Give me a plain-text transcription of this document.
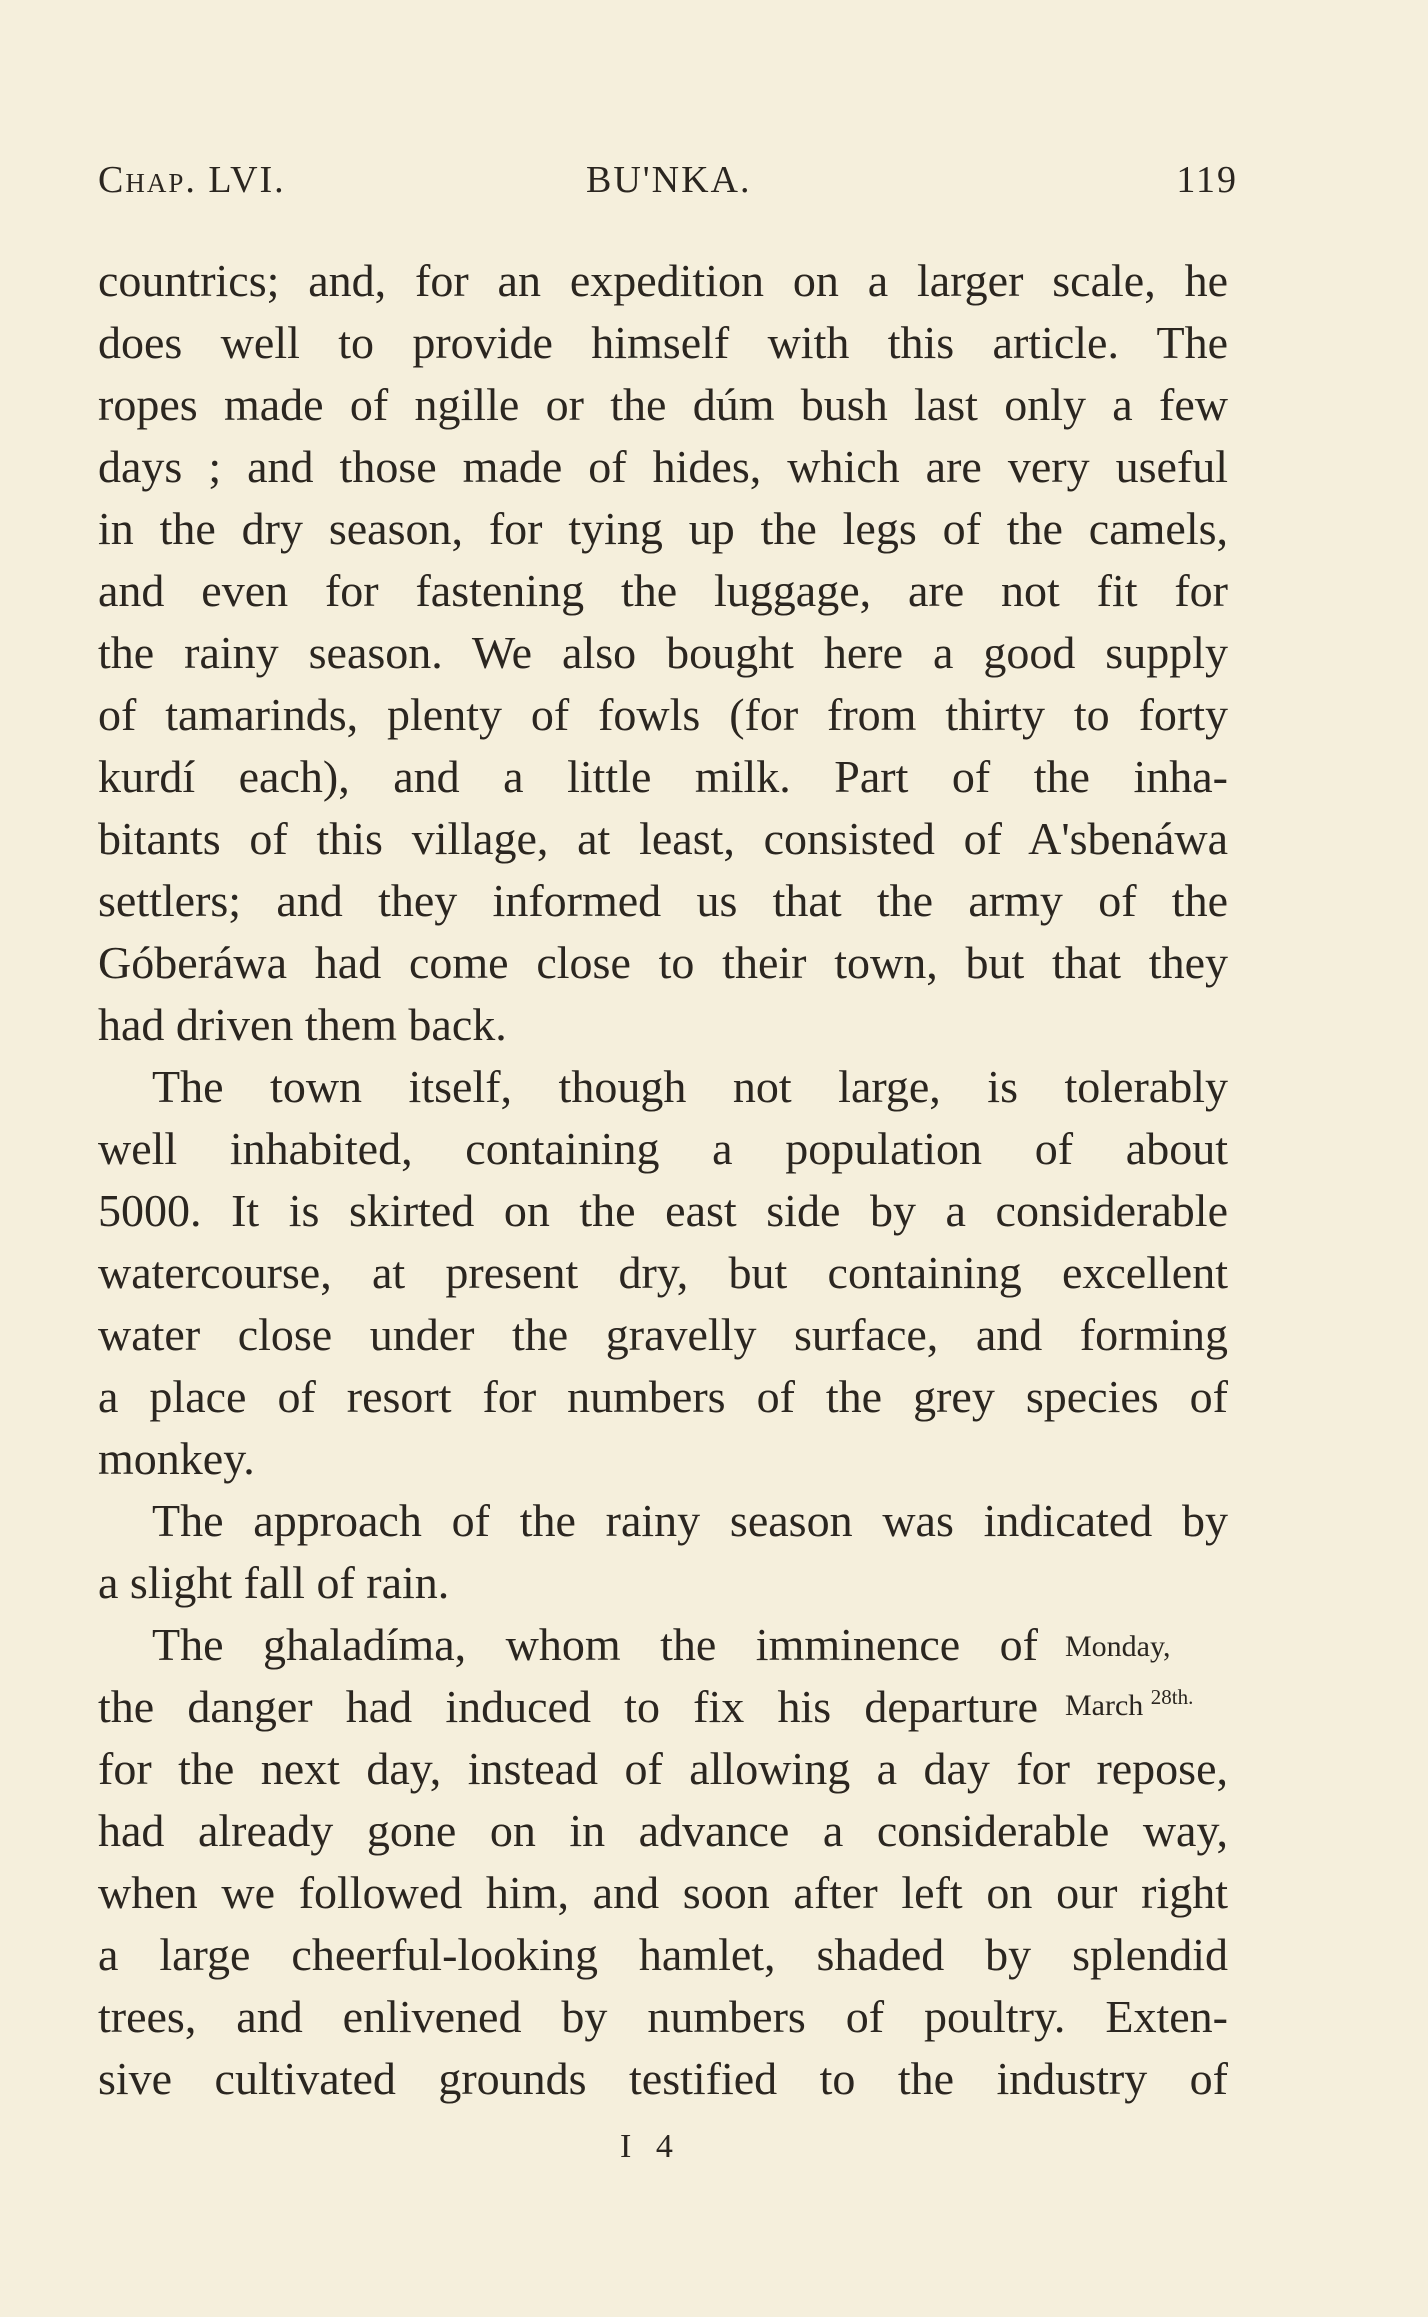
Chap. LVI.	BU'NKA.	119
countrics; and, for an expedition on a larger scale, he
does well to provide himself with this article. The
ropes made of ngille or the dúm bush last only a few
days ; and those made of hides, which are very useful
in the dry season, for tying up the legs of the camels,
and even for fastening the luggage, are not fit for
the rainy season. We also bought here a good supply
of tamarinds, plenty of fowls (for from thirty to forty
kurdí each), and a little milk. Part of the inha-
bitants of this village, at least, consisted of A'sbenáwa
settlers; and they informed us that the army of the
Góberáwa had come close to their town, but that they
had driven them back.
The town itself, though not large, is tolerably
well inhabited, containing a population of about
5000. It is skirted on the east side by a considerable
watercourse, at present dry, but containing excellent
water close under the gravelly surface, and forming
a place of resort for numbers of the grey species of
monkey.
The approach of the rainy season was indicated by
a slight fall of rain.
The ghaladíma, whom the imminence of
the danger had induced to fix his departure
for the next day, instead of allowing a day for repose,
had already gone on in advance a considerable way,
when we followed him, and soon after left on our right
a large cheerful-looking hamlet, shaded by splendid
trees, and enlivened by numbers of poultry. Exten-
sive cultivated grounds testified to the industry of
Monday,
March $^{28th.}$
I 4
